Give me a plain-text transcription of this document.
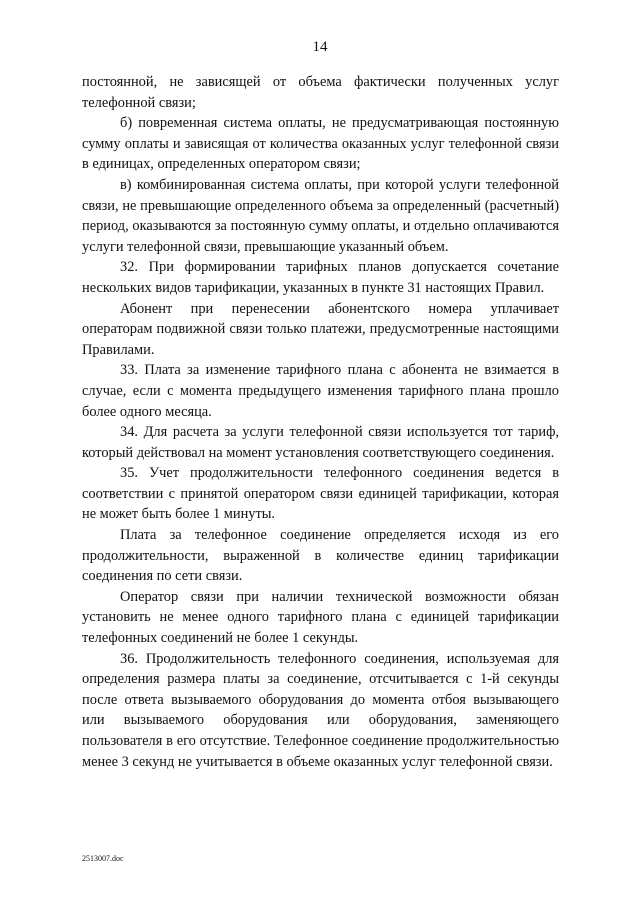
14

постоянной, не зависящей от объема фактически полученных услуг телефонной связи;

б) повременная система оплаты, не предусматривающая постоянную сумму оплаты и зависящая от количества оказанных услуг телефонной связи в единицах, определенных оператором связи;

в) комбинированная система оплаты, при которой услуги телефонной связи, не превышающие определенного объема за определенный (расчетный) период, оказываются за постоянную сумму оплаты, и отдельно оплачиваются услуги телефонной связи, превышающие указанный объем.

32. При формировании тарифных планов допускается сочетание нескольких видов тарификации, указанных в пункте 31 настоящих Правил.

Абонент при перенесении абонентского номера уплачивает операторам подвижной связи только платежи, предусмотренные настоящими Правилами.

33. Плата за изменение тарифного плана с абонента не взимается в случае, если с момента предыдущего изменения тарифного плана прошло более одного месяца.

34. Для расчета за услуги телефонной связи используется тот тариф, который действовал на момент установления соответствующего соединения.

35. Учет продолжительности телефонного соединения ведется в соответствии с принятой оператором связи единицей тарификации, которая не может быть более 1 минуты.

Плата за телефонное соединение определяется исходя из его продолжительности, выраженной в количестве единиц тарификации соединения по сети связи.

Оператор связи при наличии технической возможности обязан установить не менее одного тарифного плана с единицей тарификации телефонных соединений не более 1 секунды.

36. Продолжительность телефонного соединения, используемая для определения размера платы за соединение, отсчитывается с 1-й секунды после ответа вызываемого оборудования до момента отбоя вызывающего или вызываемого оборудования или оборудования, заменяющего пользователя в его отсутствие. Телефонное соединение продолжительностью менее 3 секунд не учитывается в объеме оказанных услуг телефонной связи.

2513007.doc
